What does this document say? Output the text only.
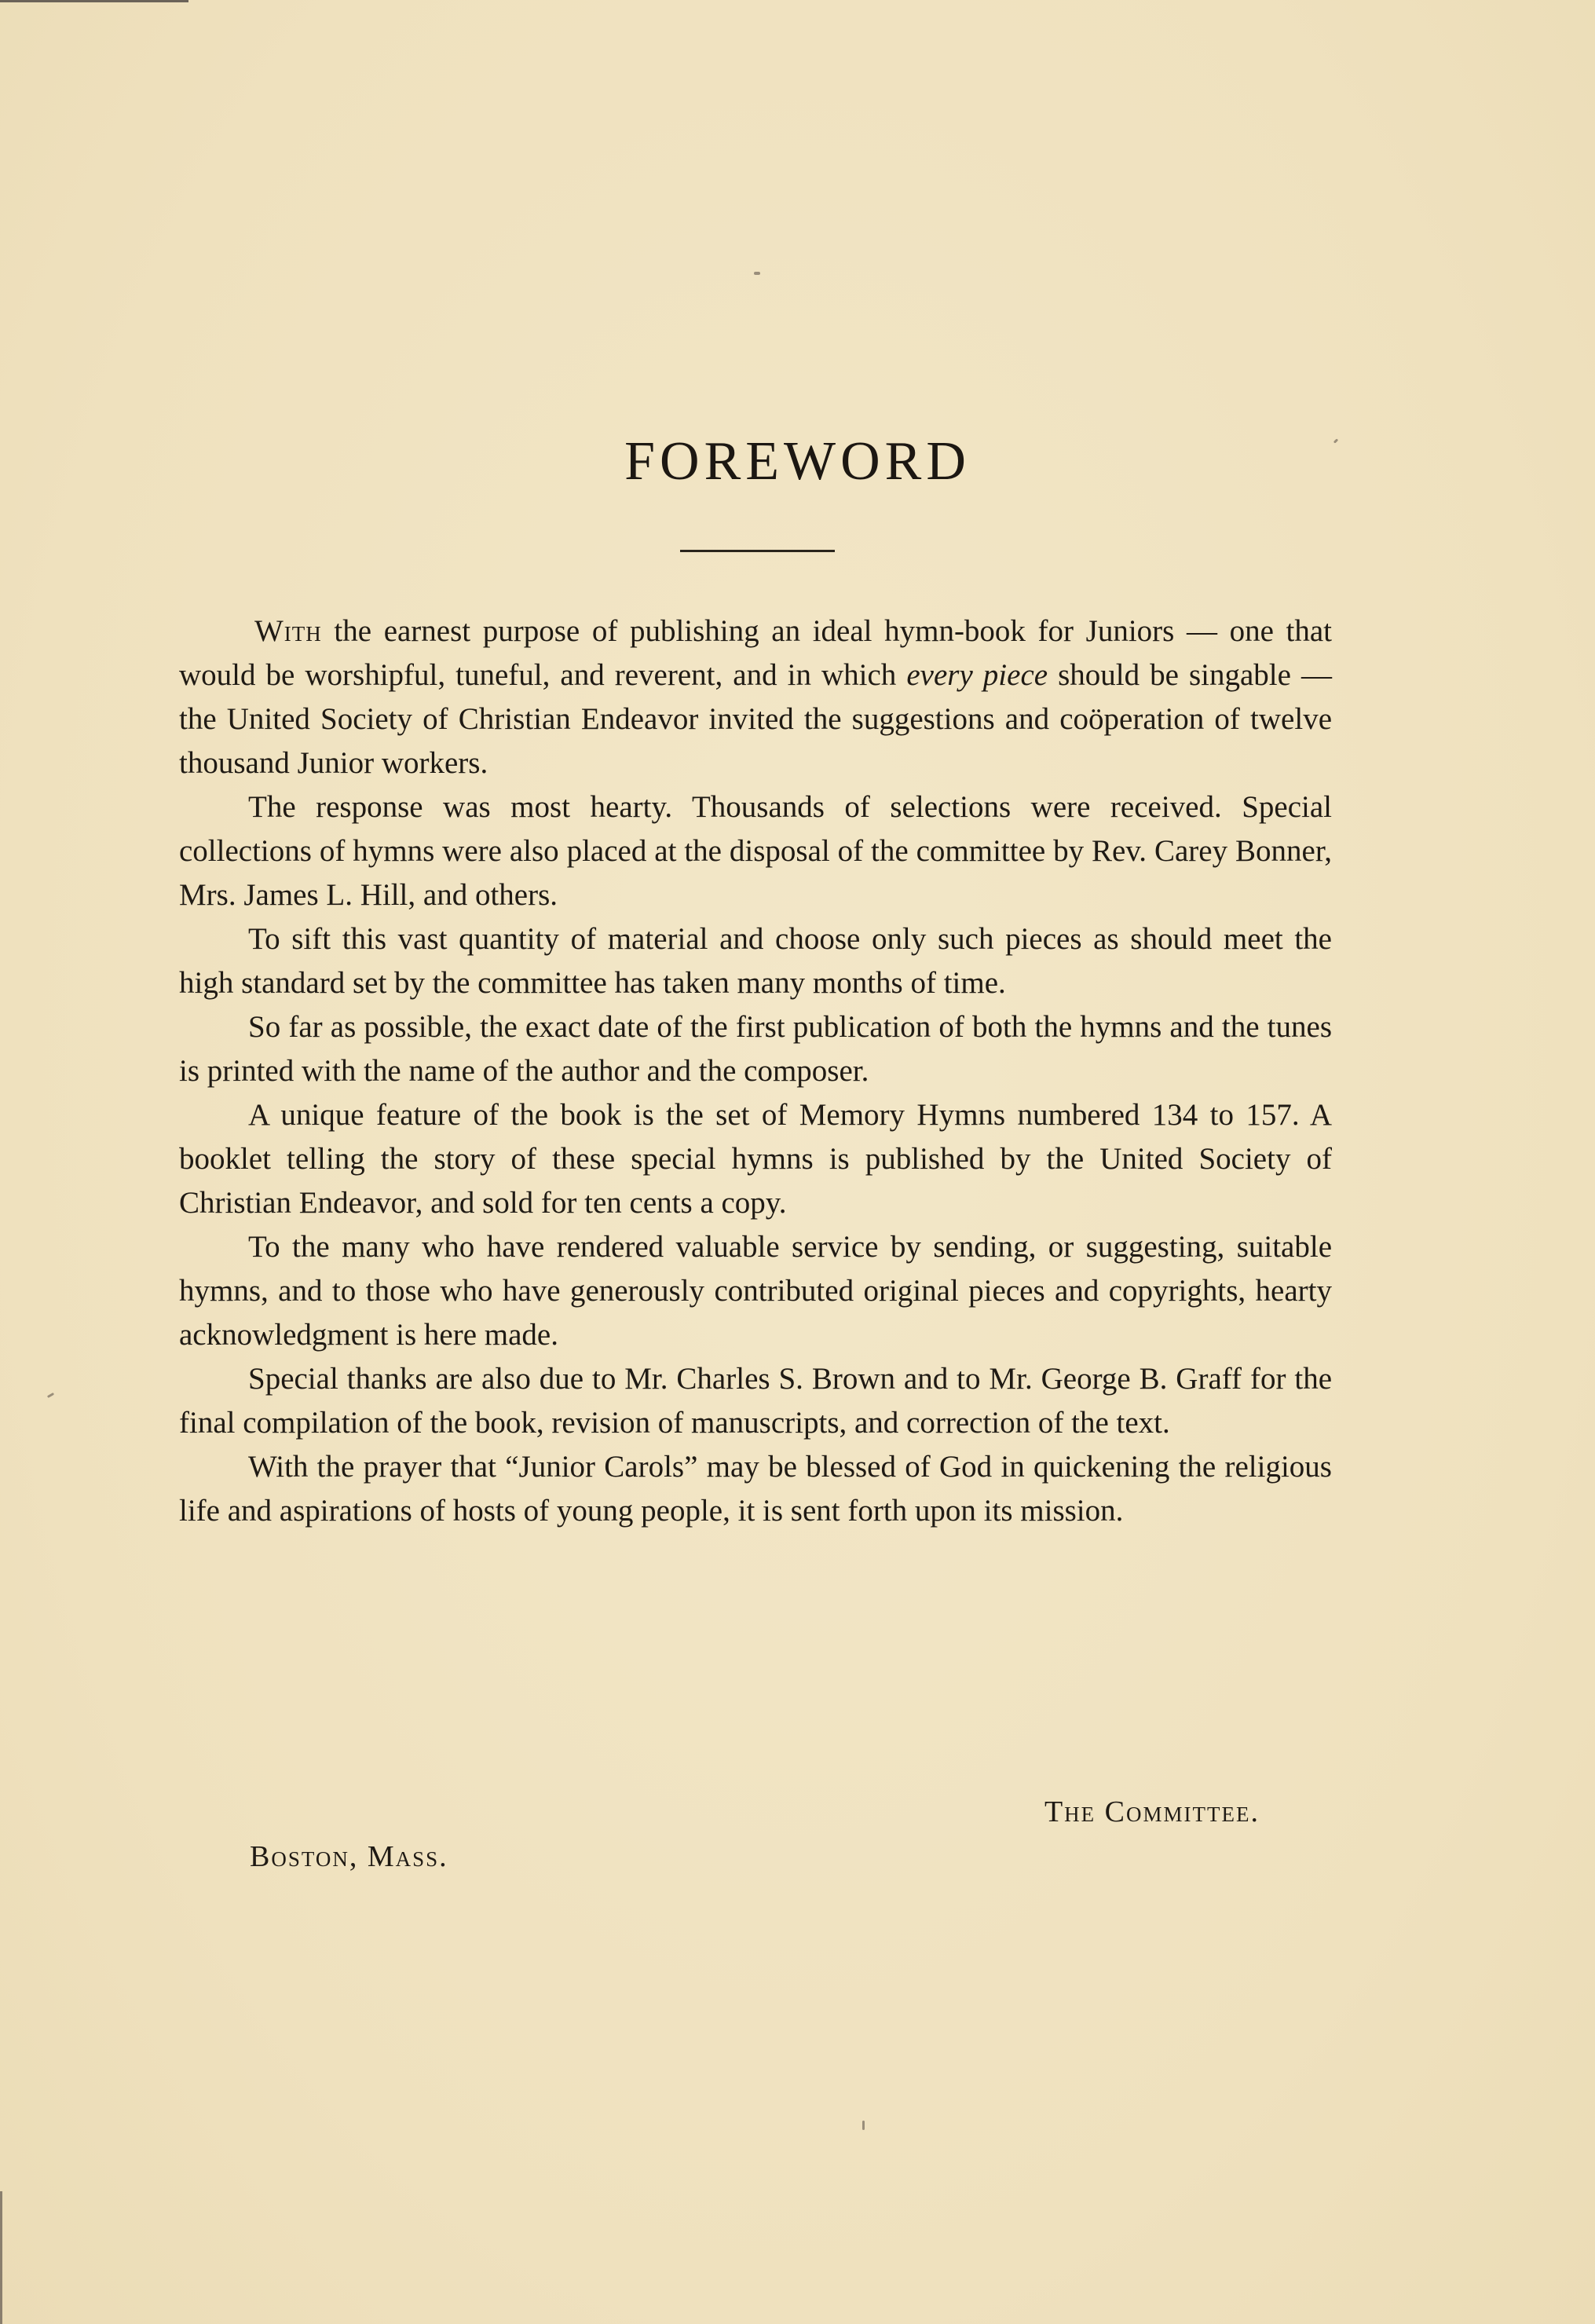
FOREWORD

With the earnest purpose of publishing an ideal hymn-book for Juniors — one that would be worshipful, tuneful, and reverent, and in which every piece should be singable — the United Society of Christian Endeavor invited the suggestions and coöperation of twelve thousand Junior workers.

The response was most hearty. Thousands of selections were received. Special collections of hymns were also placed at the disposal of the committee by Rev. Carey Bonner, Mrs. James L. Hill, and others.

To sift this vast quantity of material and choose only such pieces as should meet the high standard set by the committee has taken many months of time.

So far as possible, the exact date of the first publication of both the hymns and the tunes is printed with the name of the author and the composer.

A unique feature of the book is the set of Memory Hymns numbered 134 to 157. A booklet telling the story of these special hymns is published by the United Society of Christian Endeavor, and sold for ten cents a copy.

To the many who have rendered valuable service by sending, or suggesting, suitable hymns, and to those who have generously contributed original pieces and copyrights, hearty acknowledgment is here made.

Special thanks are also due to Mr. Charles S. Brown and to Mr. George B. Graff for the final compilation of the book, revision of manuscripts, and correction of the text.

With the prayer that “Junior Carols” may be blessed of God in quickening the religious life and aspirations of hosts of young people, it is sent forth upon its mission.

The Committee.
Boston, Mass.
